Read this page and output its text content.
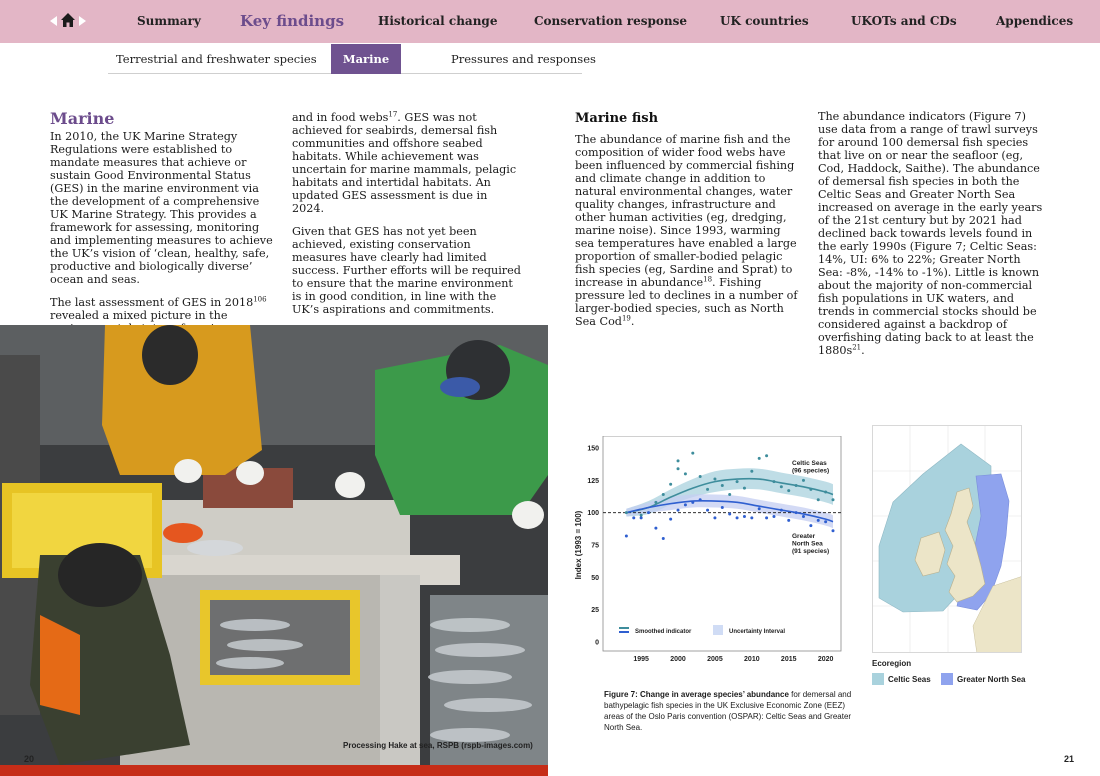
Summary	Key findings	Historical change	Conservation response	UK countries	UKOTs and CDs	Appendices
Terrestrial and freshwater species	Marine	Pressures and responses
Marine

In 2010, the UK Marine Strategy Regulations were established to mandate measures that achieve or sustain Good Environmental Status (GES) in the marine environment via the development of a comprehensive UK Marine Strategy. This provides a framework for assessing, monitoring and implementing measures to achieve the UK’s vision of ‘clean, healthy, safe, productive and biologically diverse’ ocean and seas.

The last assessment of GES in 2018$^{106}$ revealed a mixed picture in the

and in food webs$^{17}$. GES was not achieved for seabirds, demersal fish communities and offshore seabed habitats. While achievement was uncertain for marine mammals, pelagic habitats and intertidal habitats. An updated GES assessment is due in 2024.

Given that GES has not yet been achieved, existing conservation measures have clearly had limited success. Further efforts will be required to ensure that the marine environment is in good condition, in line with the UK’s aspirations and commitments.

Marine fish

The abundance of marine fish and the composition of wider food webs have been influenced by commercial fishing and climate change in addition to natural environmental changes, water quality changes, infrastructure and other human activities (eg, dredging, marine noise). Since 1993, warming sea temperatures have enabled a large proportion of smaller-bodied pelagic fish species (eg, Sardine and Sprat) to increase in abundance$^{18}$. Fishing pressure led to declines in a number of larger-bodied species, such as North Sea Cod$^{19}$.

The abundance indicators (Figure 7) use data from a range of trawl surveys for around 100 demersal fish species that live on or near the seafloor (eg, Cod, Haddock, Saithe). The abundance of demersal fish species in both the Celtic Seas and Greater North Sea increased on average in the early years of the 21st century but by 2021 had declined back towards levels found in the early 1990s (Figure 7; Celtic Seas: 14%, UI: 6% to 22%; Greater North Sea: -8%, -14% to -1%). Little is known about the majority of non-commercial fish populations in UK waters, and trends in commercial stocks should be considered against a backdrop of overfishing dating back to at least the $1880s^{21}$.

Processing Hake at sea, RSPB (rspb-images.com)
20	21
0
25
50
75
100
125
150
1995	2000	2005	2010	2015	2020
Index (1993 = 100)
Celtic Seas
(96 species)
Greater
North Sea
(91 species)
Smoothed indicator	Uncertainty Interval
Figure 7: Change in average species’ abundance for demersal and bathypelagic fish species in the UK Exclusive Economic Zone (EEZ) areas of the Oslo Paris convention (OSPAR): Celtic Seas and Greater North Sea.
Ecoregion
Celtic Seas	Greater North Sea
